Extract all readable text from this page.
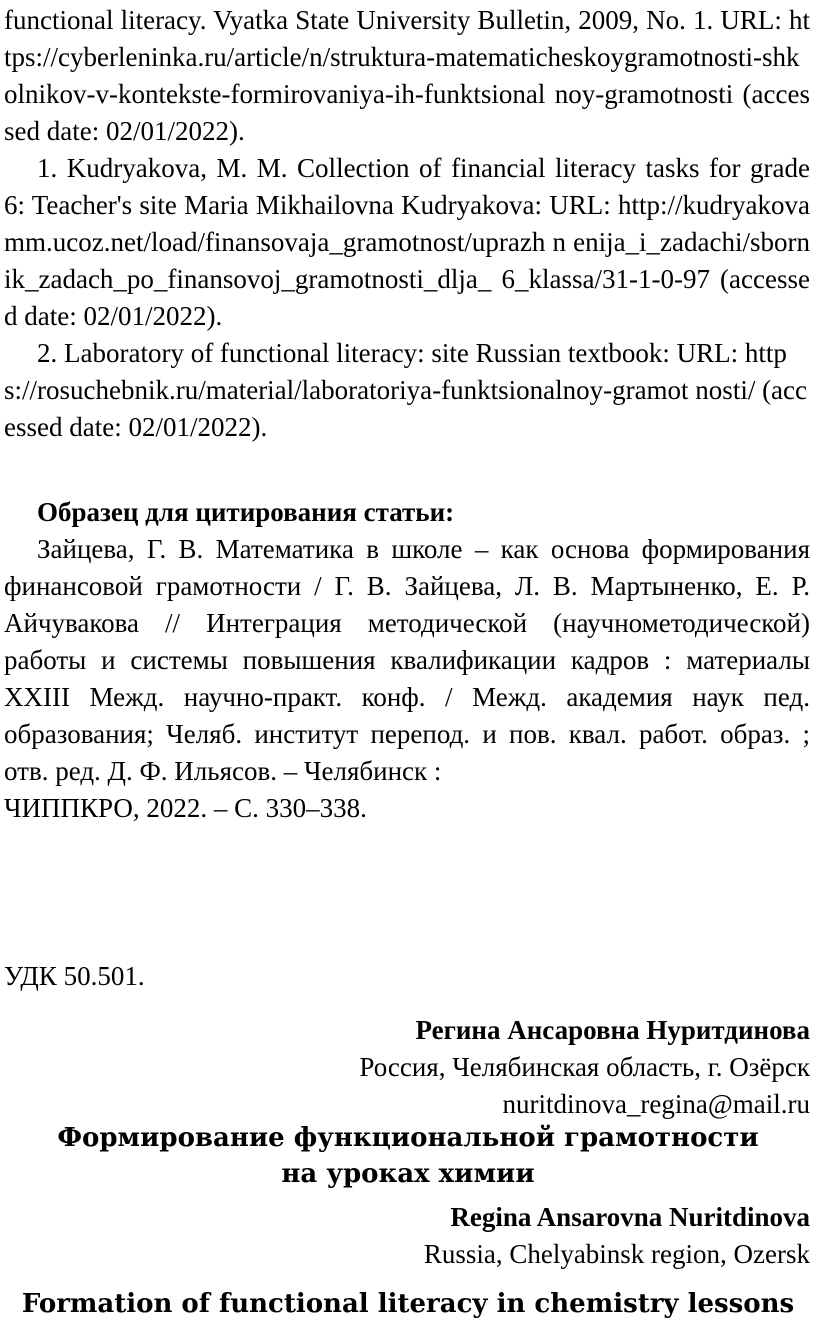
functional literacy. Vyatka State University Bulletin, 2009, No. 1. URL: https://cyberleninka.ru/article/n/struktura-matematicheskoygramotnosti-shkolnikov-v-kontekste-formirovaniya-ih-funktsional noy-gramotnosti (accessed date: 02/01/2022).

1. Kudryakova, M. M. Collection of financial literacy tasks for grade 6: Teacher's site Maria Mikhailovna Kudryakova: URL: http://kudryakovamm.ucoz.net/load/finansovaja_gramotnost/uprazh n enija_i_zadachi/sbornik_zadach_po_finansovoj_gramotnosti_dlja_ 6_klassa/31-1-0-97 (accessed date: 02/01/2022).

2. Laboratory of functional literacy: site Russian textbook: URL: https://rosuchebnik.ru/material/laboratoriya-funktsionalnoy-gramot nosti/ (accessed date: 02/01/2022).

Образец для цитирования статьи:

Зайцева, Г. В. Математика в школе – как основа формирования финансовой грамотности / Г. В. Зайцева, Л. В. Мартыненко, Е. Р. Айчувакова // Интеграция методической (научнометодической) работы и системы повышения квалификации кадров : материалы XXIII Межд. научно-практ. конф. / Межд. академия наук пед. образования; Челяб. институт перепод. и пов. квал. работ. образ. ; отв. ред. Д. Ф. Ильясов. – Челябинск :

ЧИППКРО, 2022. – С. 330–338.

УДК 50.501.

Регина Ансаровна Нуритдинова

Россия, Челябинская область, г. Озёрск

nuritdinova_regina@mail.ru

Формирование функциональной грамотности

на уроках химии

Regina Ansarovna Nuritdinova

Russia, Chelyabinsk region, Ozersk

Formation of functional literacy in chemistry lessons
